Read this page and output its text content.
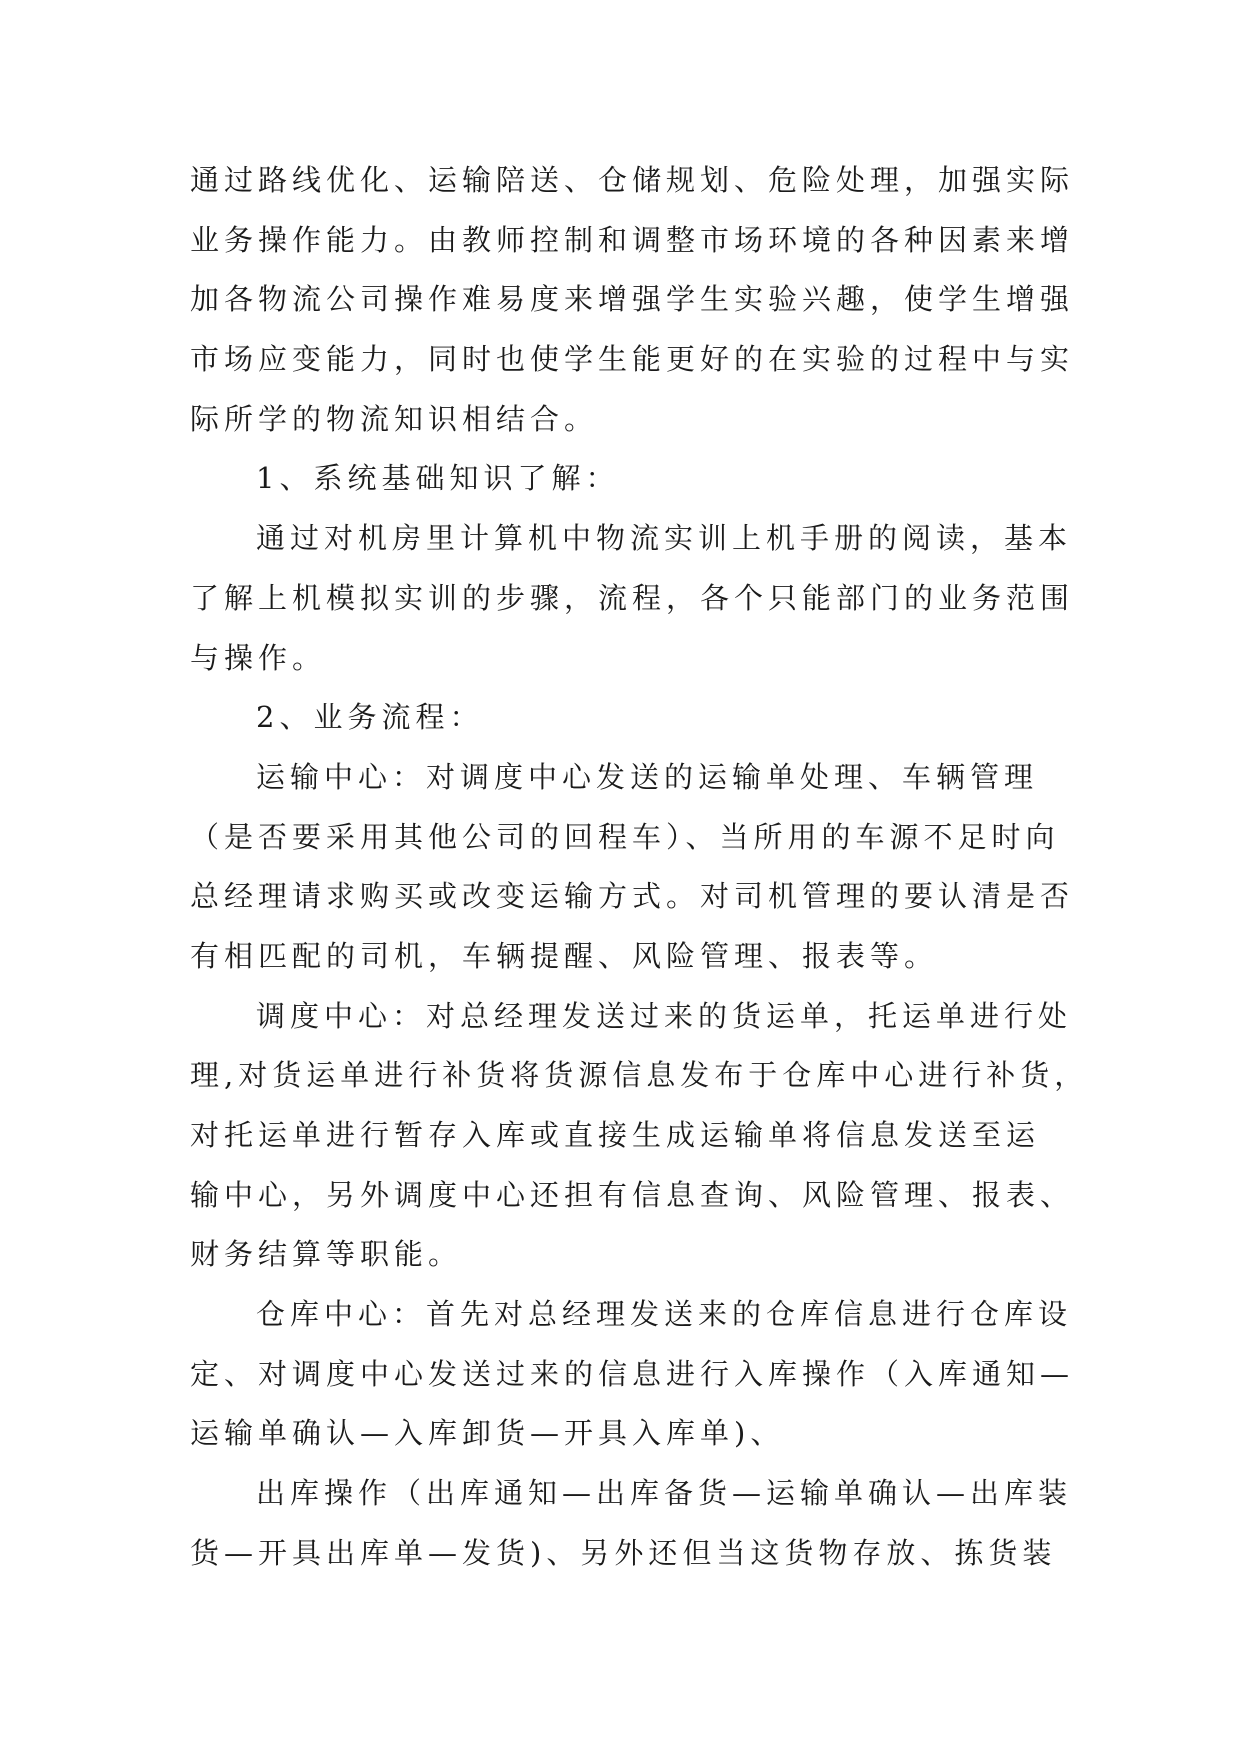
通过路线优化、运输陪送、仓储规划、危险处理，加强实际

业务操作能力。由教师控制和调整市场环境的各种因素来增

加各物流公司操作难易度来增强学生实验兴趣，使学生增强

市场应变能力，同时也使学生能更好的在实验的过程中与实

际所学的物流知识相结合。

1、系统基础知识了解：

通过对机房里计算机中物流实训上机手册的阅读，基本

了解上机模拟实训的步骤，流程，各个只能部门的业务范围

与操作。

2、业务流程：

运输中心：对调度中心发送的运输单处理、车辆管理

（是否要采用其他公司的回程车）、当所用的车源不足时向

总经理请求购买或改变运输方式。对司机管理的要认清是否

有相匹配的司机，车辆提醒、风险管理、报表等。

调度中心：对总经理发送过来的货运单，托运单进行处

理,对货运单进行补货将货源信息发布于仓库中心进行补货，

对托运单进行暂存入库或直接生成运输单将信息发送至运

输中心，另外调度中心还担有信息查询、风险管理、报表、

财务结算等职能。

仓库中心：首先对总经理发送来的仓库信息进行仓库设

定、对调度中心发送过来的信息进行入库操作（入库通知—

运输单确认—入库卸货—开具入库单)、

出库操作（出库通知—出库备货—运输单确认—出库装

货—开具出库单—发货)、另外还但当这货物存放、拣货装
